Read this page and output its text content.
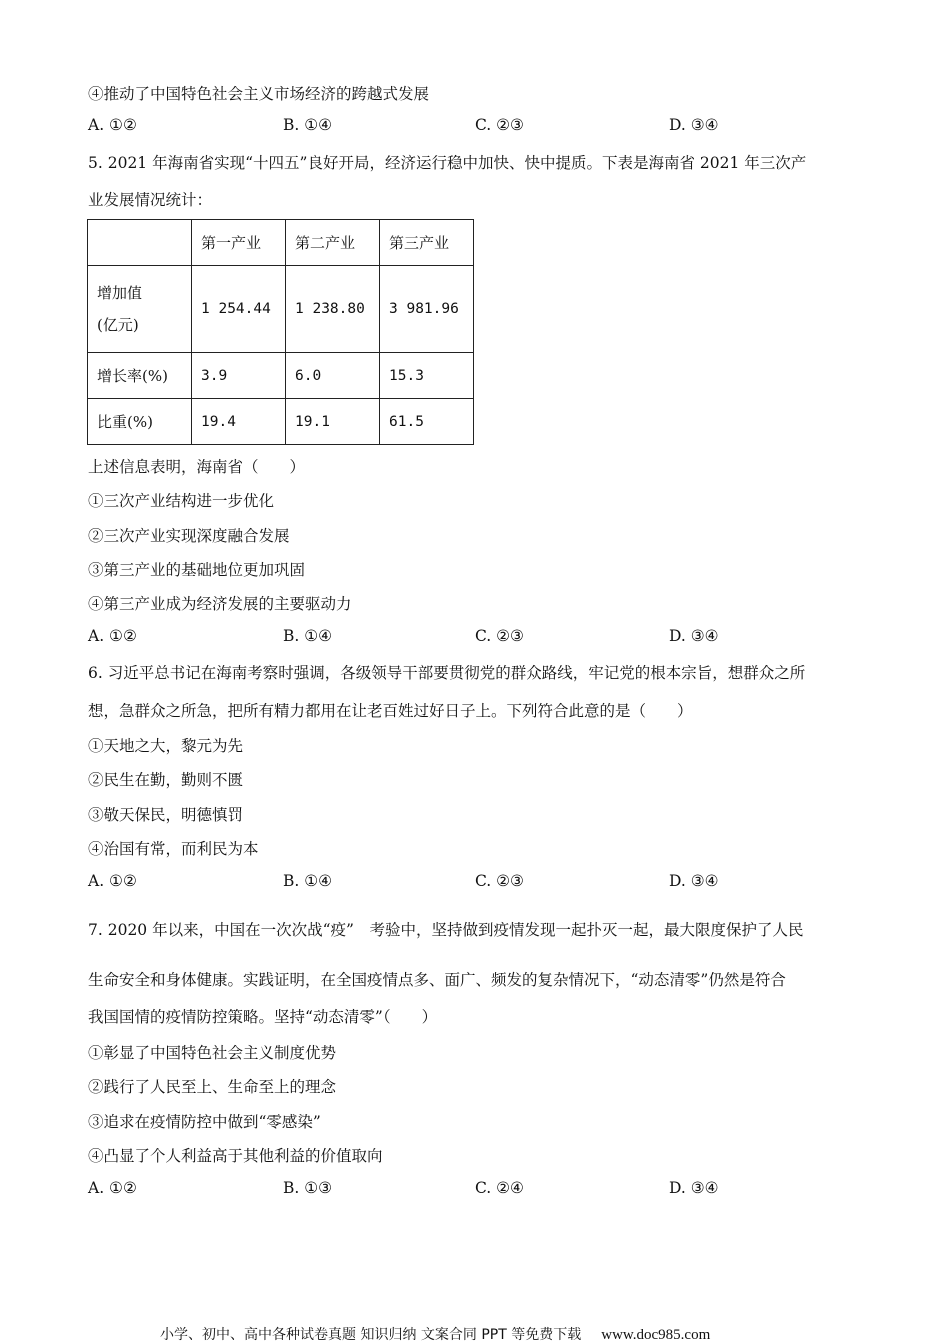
④推动了中国特色社会主义市场经济的跨越式发展
A. ①②	B. ①④	C. ②③	D. ③④
5. 2021 年海南省实现“十四五”良好开局，经济运行稳中加快、快中提质。下表是海南省 2021 年三次产
业发展情况统计：
	第一产业	第二产业	第三产业

增加值
(亿元)	1 254.44	1 238.80	3 981.96
增长率(%)	3.9	6.0	15.3
比重(%)	19.4	19.1	61.5
上述信息表明，海南省（　　）
①三次产业结构进一步优化
②三次产业实现深度融合发展
③第三产业的基础地位更加巩固
④第三产业成为经济发展的主要驱动力
A. ①②	B. ①④	C. ②③	D. ③④
6. 习近平总书记在海南考察时强调，各级领导干部要贯彻党的群众路线，牢记党的根本宗旨，想群众之所
想，急群众之所急，把所有精力都用在让老百姓过好日子上。下列符合此意的是（　　）
①天地之大，黎元为先
②民生在勤，勤则不匮
③敬天保民，明德慎罚
④治国有常，而利民为本
A. ①②	B. ①④	C. ②③	D. ③④
7. 2020 年以来，中国在一次次战“疫”　考验中，坚持做到疫情发现一起扑灭一起，最大限度保护了人民
生命安全和身体健康。实践证明，在全国疫情点多、面广、频发的复杂情况下，“动态清零”仍然是符合
我国国情的疫情防控策略。坚持“动态清零”（　　）
①彰显了中国特色社会主义制度优势
②践行了人民至上、生命至上的理念
③追求在疫情防控中做到“零感染”
④凸显了个人利益高于其他利益的价值取向
A. ①②	B. ①③	C. ②④	D. ③④
小学、初中、高中各种试卷真题 知识归纳 文案合同 PPT 等免费下载 www.doc985.com
